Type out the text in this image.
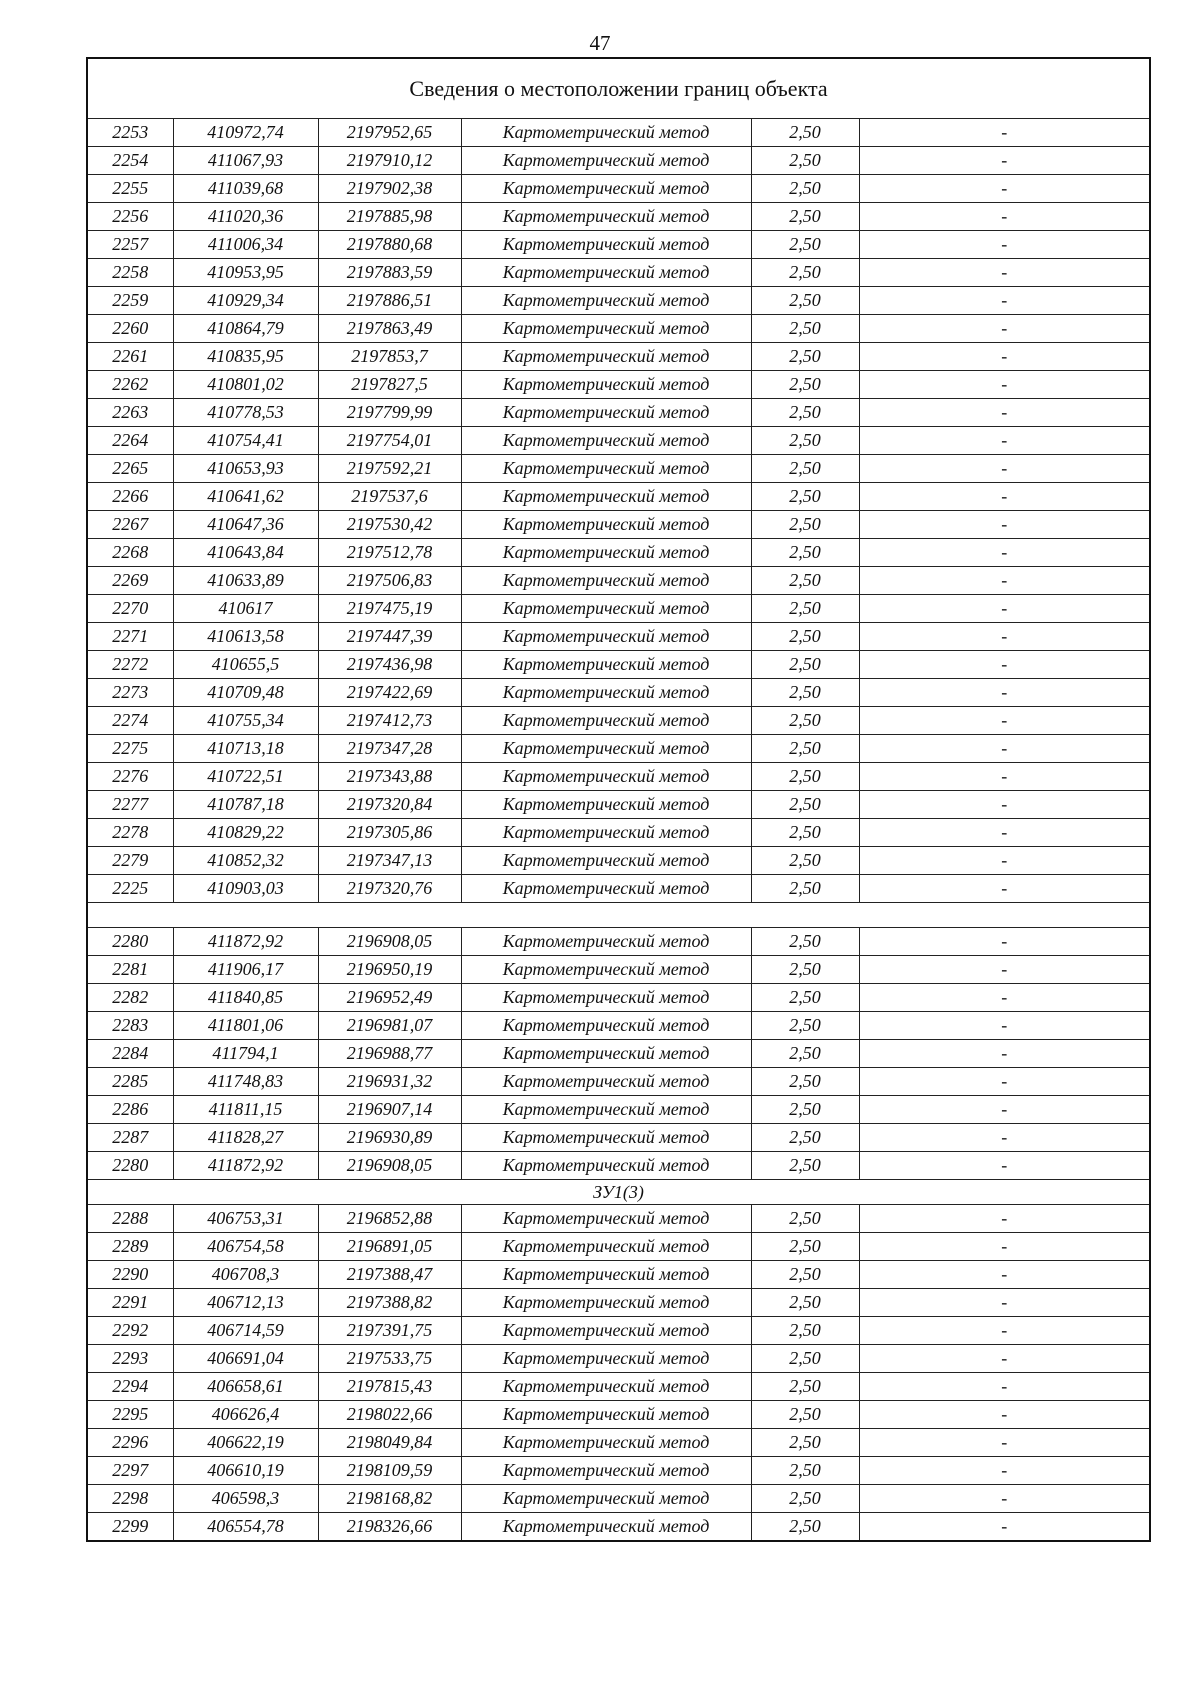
47
Сведения о местоположении границ объекта					
2253	410972,74	2197952,65	Картометрический метод	2,50	-
2254	411067,93	2197910,12	Картометрический метод	2,50	-
2255	411039,68	2197902,38	Картометрический метод	2,50	-
2256	411020,36	2197885,98	Картометрический метод	2,50	-
2257	411006,34	2197880,68	Картометрический метод	2,50	-
2258	410953,95	2197883,59	Картометрический метод	2,50	-
2259	410929,34	2197886,51	Картометрический метод	2,50	-
2260	410864,79	2197863,49	Картометрический метод	2,50	-
2261	410835,95	2197853,7	Картометрический метод	2,50	-
2262	410801,02	2197827,5	Картометрический метод	2,50	-
2263	410778,53	2197799,99	Картометрический метод	2,50	-
2264	410754,41	2197754,01	Картометрический метод	2,50	-
2265	410653,93	2197592,21	Картометрический метод	2,50	-
2266	410641,62	2197537,6	Картометрический метод	2,50	-
2267	410647,36	2197530,42	Картометрический метод	2,50	-
2268	410643,84	2197512,78	Картометрический метод	2,50	-
2269	410633,89	2197506,83	Картометрический метод	2,50	-
2270	410617	2197475,19	Картометрический метод	2,50	-
2271	410613,58	2197447,39	Картометрический метод	2,50	-
2272	410655,5	2197436,98	Картометрический метод	2,50	-
2273	410709,48	2197422,69	Картометрический метод	2,50	-
2274	410755,34	2197412,73	Картометрический метод	2,50	-
2275	410713,18	2197347,28	Картометрический метод	2,50	-
2276	410722,51	2197343,88	Картометрический метод	2,50	-
2277	410787,18	2197320,84	Картометрический метод	2,50	-
2278	410829,22	2197305,86	Картометрический метод	2,50	-
2279	410852,32	2197347,13	Картометрический метод	2,50	-
2225	410903,03	2197320,76	Картометрический метод	2,50	-

2280	411872,92	2196908,05	Картометрический метод	2,50	-
2281	411906,17	2196950,19	Картометрический метод	2,50	-
2282	411840,85	2196952,49	Картометрический метод	2,50	-
2283	411801,06	2196981,07	Картометрический метод	2,50	-
2284	411794,1	2196988,77	Картометрический метод	2,50	-
2285	411748,83	2196931,32	Картометрический метод	2,50	-
2286	411811,15	2196907,14	Картометрический метод	2,50	-
2287	411828,27	2196930,89	Картометрический метод	2,50	-
2280	411872,92	2196908,05	Картометрический метод	2,50	-
ЗУ1(3)					
2288	406753,31	2196852,88	Картометрический метод	2,50	-
2289	406754,58	2196891,05	Картометрический метод	2,50	-
2290	406708,3	2197388,47	Картометрический метод	2,50	-
2291	406712,13	2197388,82	Картометрический метод	2,50	-
2292	406714,59	2197391,75	Картометрический метод	2,50	-
2293	406691,04	2197533,75	Картометрический метод	2,50	-
2294	406658,61	2197815,43	Картометрический метод	2,50	-
2295	406626,4	2198022,66	Картометрический метод	2,50	-
2296	406622,19	2198049,84	Картометрический метод	2,50	-
2297	406610,19	2198109,59	Картометрический метод	2,50	-
2298	406598,3	2198168,82	Картометрический метод	2,50	-
2299	406554,78	2198326,66	Картометрический метод	2,50	-
